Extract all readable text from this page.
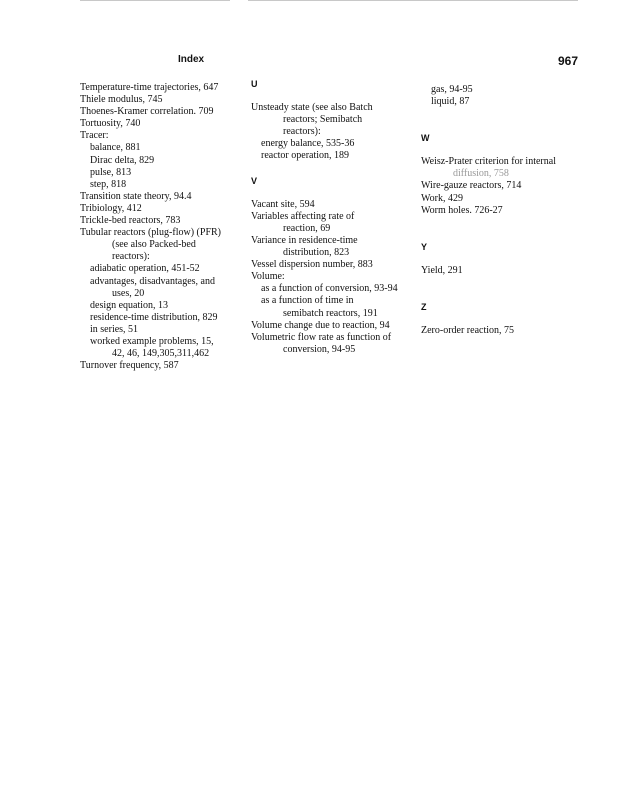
Index	967
Temperature-time trajectories, 647
Thiele modulus, 745
Thoenes-Kramer correlation. 709
Tortuosity, 740
Tracer:
balance, 881
Dirac delta, 829
pulse, 813
step, 818
Transition state theory, 94.4
Tribiology, 412
Trickle-bed reactors, 783
Tubular reactors (plug-flow) (PFR)
(see also Packed-bed
reactors):
adiabatic operation, 451-52
advantages, disadvantages, and
uses, 20
design equation, 13
residence-time distribution, 829
in series, 51
worked example problems, 15,
42, 46, 149,305,311,462
Turnover frequency, 587
U
Unsteady state (see also Batch
reactors; Semibatch
reactors):
energy balance, 535-36
reactor operation, 189
V
Vacant site, 594
Variables affecting rate of
reaction, 69
Variance in residence-time
distribution, 823
Vessel dispersion number, 883
Volume:
as a function of conversion, 93-94
as a function of time in
semibatch reactors, 191
Volume change due to reaction, 94
Volumetric flow rate as function of
conversion, 94-95
gas, 94-95
liquid, 87
W
Weisz-Prater criterion for internal
diffusion, 758
Wire-gauze reactors, 714
Work, 429
Worm holes. 726-27
Y
Yield, 291
Z
Zero-order reaction, 75
